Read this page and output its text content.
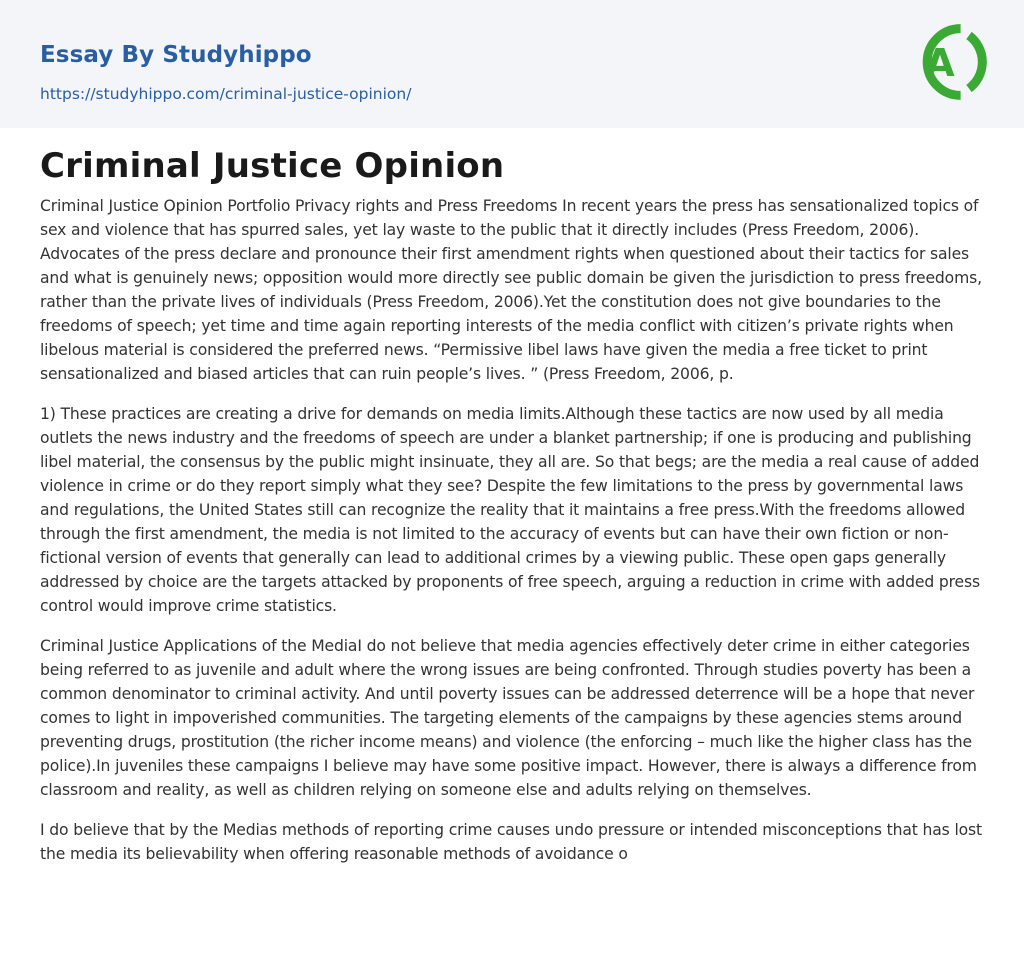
Essay By Studyhippo
https://studyhippo.com/criminal-justice-opinion/
A
Criminal Justice Opinion

Criminal Justice Opinion Portfolio Privacy rights and Press Freedoms In recent years the press has sensationalized topics of sex and violence that has spurred sales, yet lay waste to the public that it directly includes (Press Freedom, 2006). Advocates of the press declare and pronounce their first amendment rights when questioned about their tactics for sales and what is genuinely news; opposition would more directly see public domain be given the jurisdiction to press freedoms, rather than the private lives of individuals (Press Freedom, 2006).Yet the constitution does not give boundaries to the freedoms of speech; yet time and time again reporting interests of the media conflict with citizen’s private rights when libelous material is considered the preferred news. “Permissive libel laws have given the media a free ticket to print sensationalized and biased articles that can ruin people’s lives. ” (Press Freedom, 2006, p.

1) These practices are creating a drive for demands on media limits.Although these tactics are now used by all media outlets the news industry and the freedoms of speech are under a blanket partnership; if one is producing and publishing libel material, the consensus by the public might insinuate, they all are. So that begs; are the media a real cause of added violence in crime or do they report simply what they see? Despite the few limitations to the press by governmental laws and regulations, the United States still can recognize the reality that it maintains a free press.With the freedoms allowed through the first amendment, the media is not limited to the accuracy of events but can have their own fiction or non-fictional version of events that generally can lead to additional crimes by a viewing public. These open gaps generally addressed by choice are the targets attacked by proponents of free speech, arguing a reduction in crime with added press control would improve crime statistics.

Criminal Justice Applications of the MediaI do not believe that media agencies effectively deter crime in either categories being referred to as juvenile and adult where the wrong issues are being confronted. Through studies poverty has been a common denominator to criminal activity. And until poverty issues can be addressed deterrence will be a hope that never comes to light in impoverished communities. The targeting elements of the campaigns by these agencies stems around preventing drugs, prostitution (the richer income means) and violence (the enforcing – much like the higher class has the police).In juveniles these campaigns I believe may have some positive impact. However, there is always a difference from classroom and reality, as well as children relying on someone else and adults relying on themselves.

I do believe that by the Medias methods of reporting crime causes undo pressure or intended misconceptions that has lost the media its believability when offering reasonable methods of avoidance o
